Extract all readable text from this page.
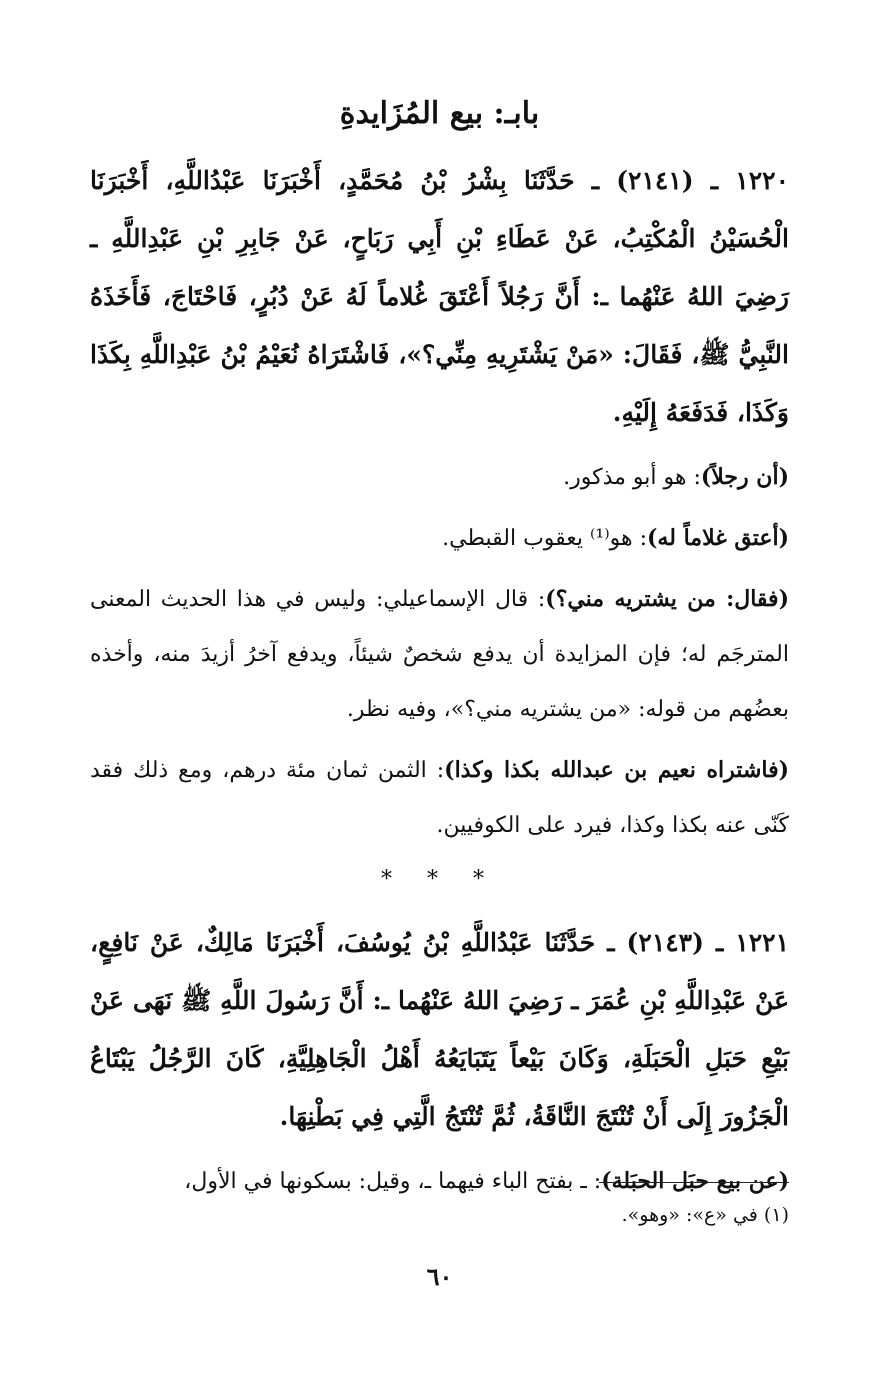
بابـ: بيع المُزَايدةِ

١٢٢٠ ـ (٢١٤١) ـ حَدَّثَنَا بِشْرُ بْنُ مُحَمَّدٍ، أَخْبَرَنَا عَبْدُاللَّهِ، أَخْبَرَنَا الْحُسَيْنُ الْمُكْتِبُ، عَنْ عَطَاءِ بْنِ أَبِي رَبَاحٍ، عَنْ جَابِرِ بْنِ عَبْدِاللَّهِ ـ رَضِيَ اللهُ عَنْهُما ـ: أَنَّ رَجُلاً أَعْتَقَ غُلاماً لَهُ عَنْ دُبُرٍ، فَاحْتَاجَ، فَأَخَذَهُ النَّبِيُّ ﷺ، فَقَالَ: «مَنْ يَشْتَرِيهِ مِنِّي؟»، فَاشْتَرَاهُ نُعَيْمُ بْنُ عَبْدِاللَّهِ بِكَذَا وَكَذَا، فَدَفَعَهُ إِلَيْهِ.

(أن رجلاً): هو أبو مذكور.

(أعتق غلاماً له): هو⁽¹⁾ يعقوب القبطي.

(فقال: من يشتريه مني؟): قال الإسماعيلي: وليس في هذا الحديث المعنى المترجَم له؛ فإن المزايدة أن يدفع شخصٌ شيئاً، ويدفع آخرُ أزيدَ منه، وأخذه بعضُهم من قوله: «من يشتريه مني؟»، وفيه نظر.

(فاشتراه نعيم بن عبدالله بكذا وكذا): الثمن ثمان مئة درهم، ومع ذلك فقد كَنّى عنه بكذا وكذا، فيرد على الكوفيين.

* * *

١٢٢١ ـ (٢١٤٣) ـ حَدَّثَنَا عَبْدُاللَّهِ بْنُ يُوسُفَ، أَخْبَرَنَا مَالِكٌ، عَنْ نَافِعٍ، عَنْ عَبْدِاللَّهِ بْنِ عُمَرَ ـ رَضِيَ اللهُ عَنْهُما ـ: أَنَّ رَسُولَ اللَّهِ ﷺ نَهَى عَنْ بَيْعِ حَبَلِ الْحَبَلَةِ، وَكَانَ بَيْعاً يَتَبَايَعُهُ أَهْلُ الْجَاهِلِيَّةِ، كَانَ الرَّجُلُ يَبْتَاعُ الْجَزُورَ إِلَى أَنْ تُنْتَجَ النَّاقَةُ، ثُمَّ تُنْتَجُ الَّتِي فِي بَطْنِهَا.

(عن بيع حبَل الحبَلة): ـ بفتح الباء فيهما ـ، وقيل: بسكونها في الأول،

(١) في «ع»: «وهو».
٦٠
